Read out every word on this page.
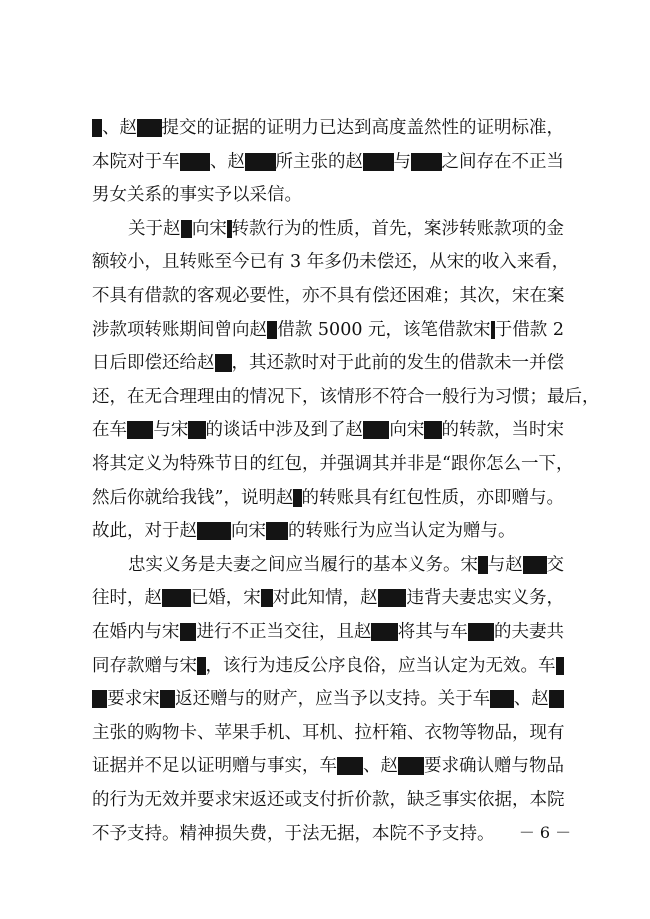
、赵 提交的证据的证明力已达到高度盖然性的证明标准，
本院对于车 、赵 所主张的赵 与 之间存在不正当
男女关系的事实予以采信。
关于赵 向宋 转款行为的性质，首先，案涉转账款项的金
额较小，且转账至今已有 3 年多仍未偿还，从宋 的收入来看，
不具有借款的客观必要性，亦不具有偿还困难；其次，宋 在案
涉款项转账期间曾向赵 借款 5000 元，该笔借款宋 于借款 2
日后即偿还给赵 ，其还款时对于此前的发生的借款未一并偿
还，在无合理理由的情况下，该情形不符合一般行为习惯；最后，
在车 与宋 的谈话中涉及到了赵 向宋 的转款，当时宋
将其定义为特殊节日的红包，并强调其并非是“跟你怎么一下，
然后你就给我钱”，说明赵 的转账具有红包性质，亦即赠与。
故此，对于赵 向宋 的转账行为应当认定为赠与。
忠实义务是夫妻之间应当履行的基本义务。宋 与赵 交
往时，赵 已婚，宋 对此知情，赵 违背夫妻忠实义务，
在婚内与宋 进行不正当交往，且赵 将其与车 的夫妻共
同存款赠与宋 ，该行为违反公序良俗，应当认定为无效。车
要求宋 返还赠与的财产，应当予以支持。关于车 、赵
主张的购物卡、苹果手机、耳机、拉杆箱、衣物等物品，现有
证据并不足以证明赠与事实，车 、赵 要求确认赠与物品
的行为无效并要求宋 返还或支付折价款，缺乏事实依据，本院
不予支持。精神损失费，于法无据，本院不予支持。 － 6 －
